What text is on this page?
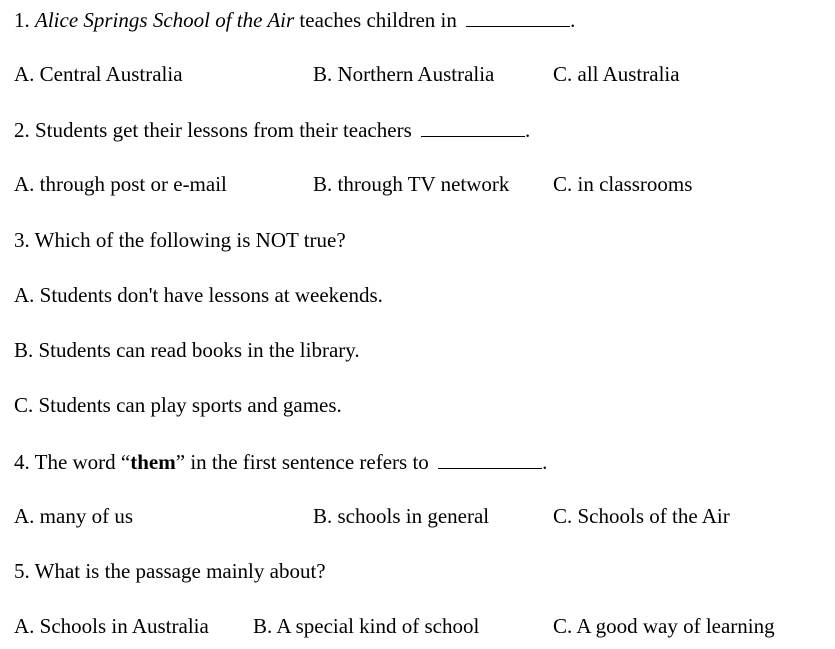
1. Alice Springs School of the Air teaches children in	.
A. Central Australia	B. Northern Australia	C. all Australia
2. Students get their lessons from their teachers	.
A. through post or e-mail	B. through TV network C. in classrooms
3. Which of the following is NOT true?
A. Students don't have lessons at weekends.
B. Students can read books in the library.
C. Students can play sports and games.
4. The word “them” in the first sentence refers to	.
A. many of us	B. schools in general	C. Schools of the Air
5. What is the passage mainly about?
A. Schools in Australia B. A special kind of school	C. A good way of learning
